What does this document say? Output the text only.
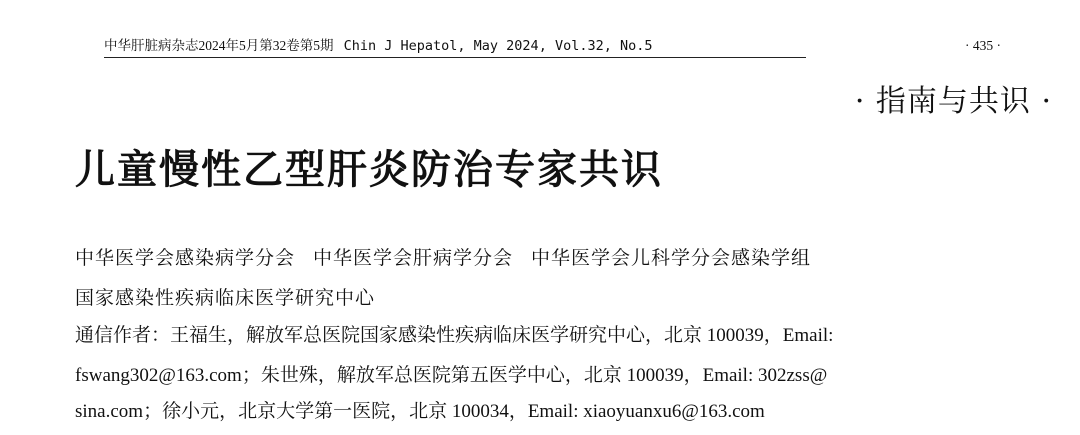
中华肝脏病杂志2024年5月第32卷第5期 Chin J Hepatol, May 2024, Vol.32, No.5	· 435 ·
· 指南与共识 ·
儿童慢性乙型肝炎防治专家共识
中华医学会感染病学分会 中华医学会肝病学分会 中华医学会儿科学分会感染学组
国家感染性疾病临床医学研究中心
通信作者：王福生，解放军总医院国家感染性疾病临床医学研究中心，北京 100039，Email:
fswang302@163.com；朱世殊，解放军总医院第五医学中心，北京 100039，Email: 302zss@
sina.com；徐小元，北京大学第一医院，北京 100034，Email: xiaoyuanxu6@163.com
